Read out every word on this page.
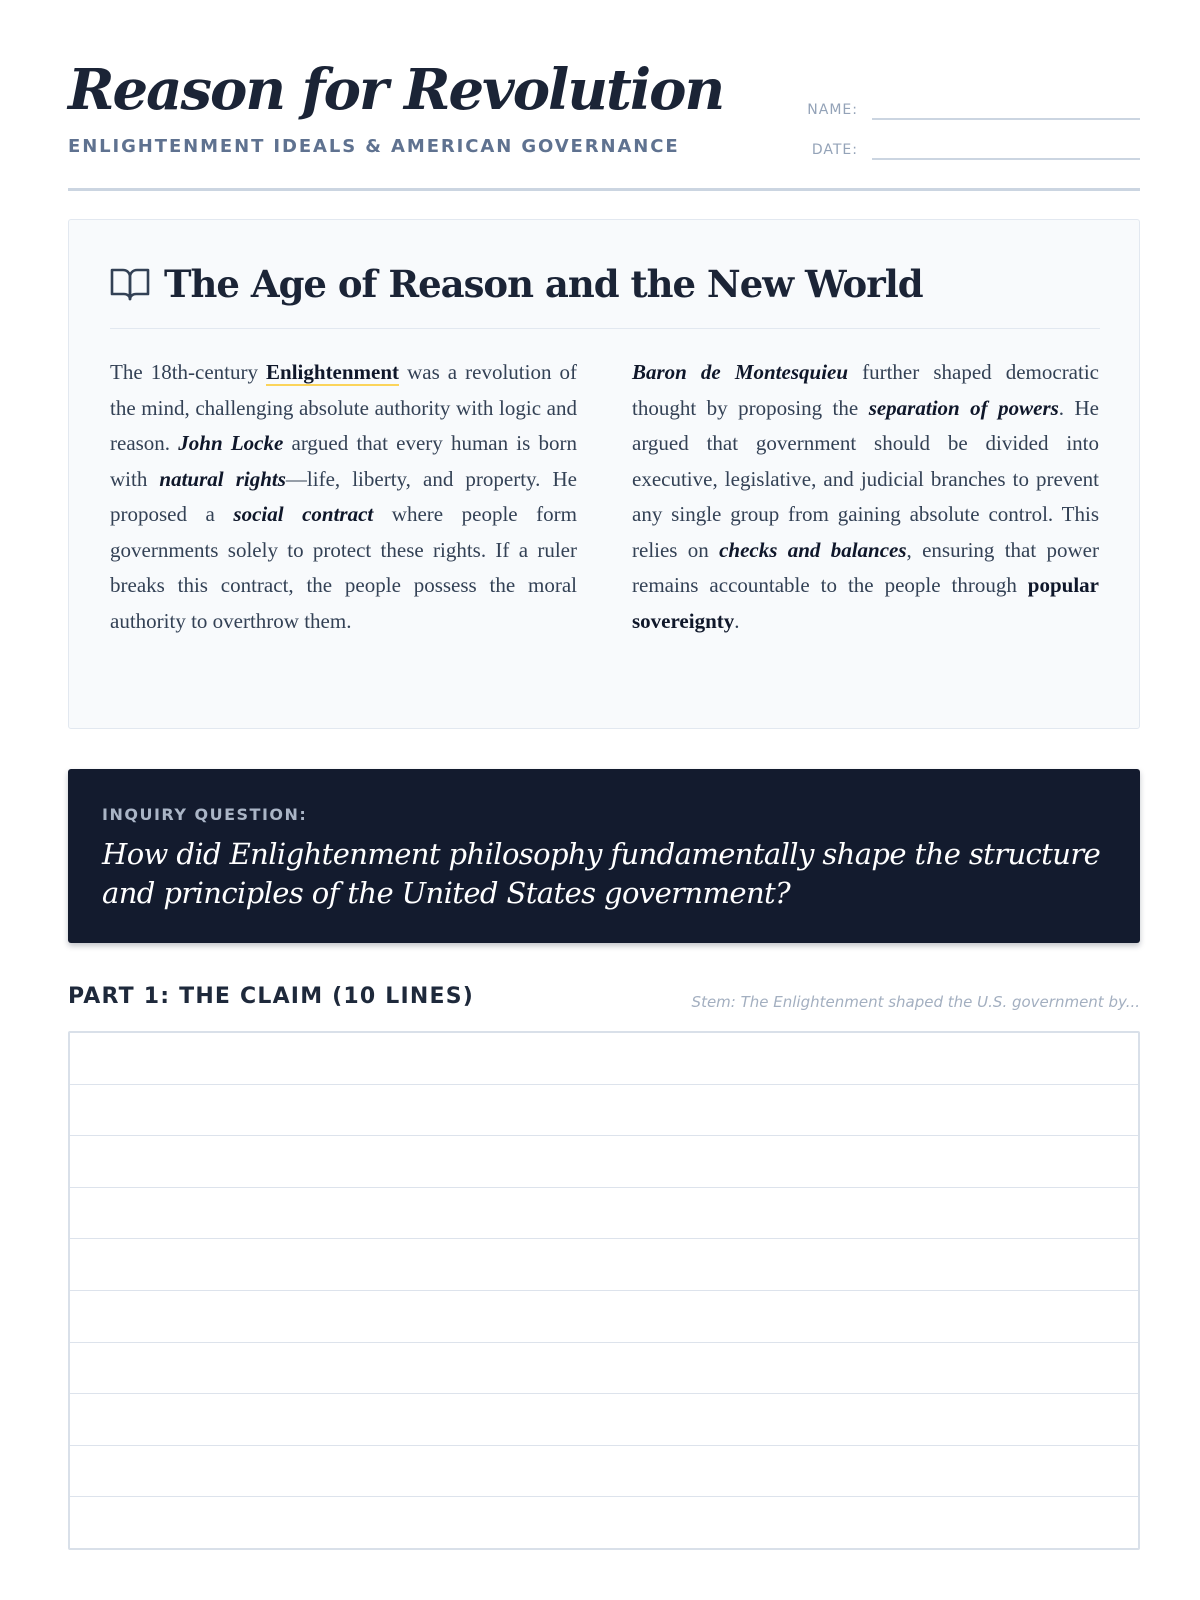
Reason for Revolution
ENLIGHTENMENT IDEALS & AMERICAN GOVERNANCE
NAME:
DATE:
The Age of Reason and the New World

The 18th-century Enlightenment was a revolution of the mind, challenging absolute authority with logic and reason. John Locke argued that every human is born with natural rights—life, liberty, and property. He proposed a social contract where people form governments solely to protect these rights. If a ruler breaks this contract, the people possess the moral authority to overthrow them.

Baron de Montesquieu further shaped democratic thought by proposing the separation of powers. He argued that government should be divided into executive, legislative, and judicial branches to prevent any single group from gaining absolute control. This relies on checks and balances, ensuring that power remains accountable to the people through popular sovereignty.

INQUIRY QUESTION:

How did Enlightenment philosophy fundamentally shape the structure and principles of the United States government?

PART 1: THE CLAIM (10 LINES)	Stem: The Enlightenment shaped the U.S. government by...
